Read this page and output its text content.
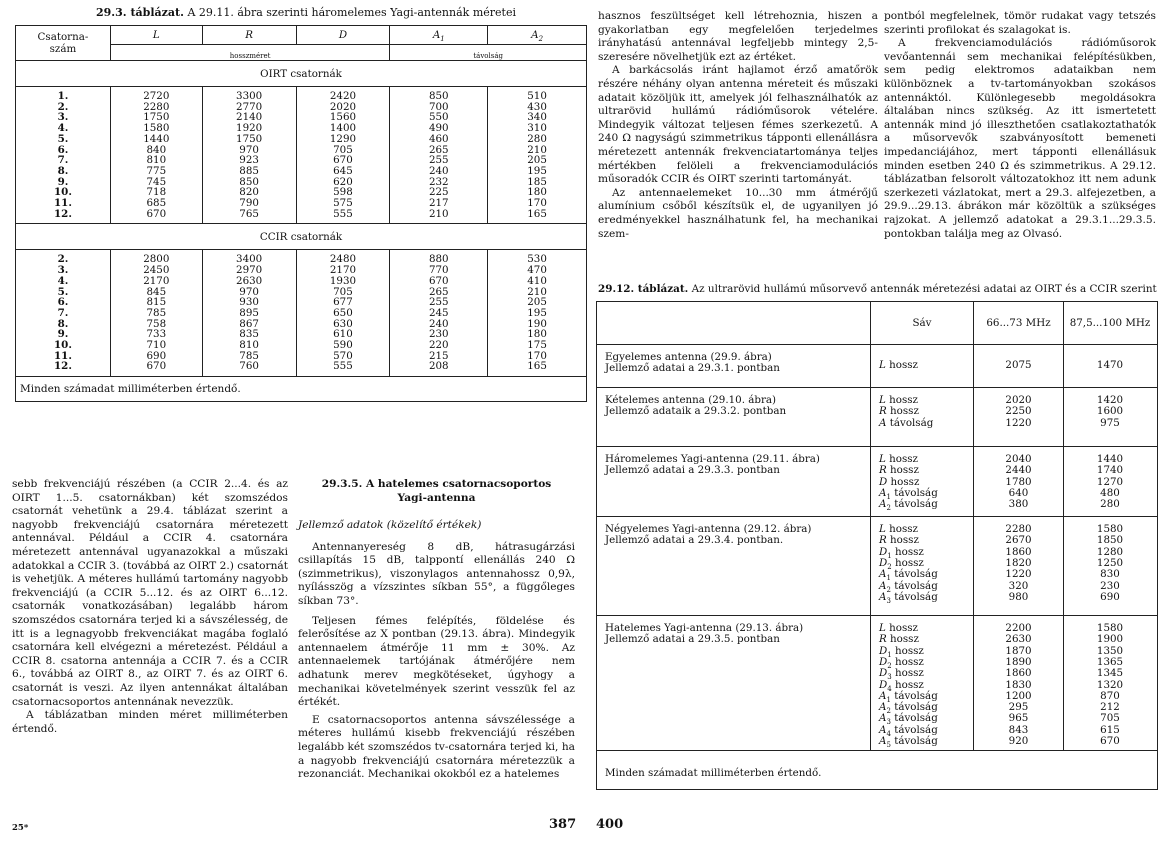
29.3. táblázat. A 29.11. ábra szerinti háromelemes Yagi-antennák méretei
Csatorna-
szám	L	R	D	$A_1$	$A_2$
	hosszméret			távolság	
OIRT csatornák					

1.	2720	3300	2420	850	510
2.	2280	2770	2020	700	430
3.	1750	2140	1560	550	340
4.	1580	1920	1400	490	310
5.	1440	1750	1290	460	280
6.	840	970	705	265	210
7.	810	923	670	255	205
8.	775	885	645	240	195
9.	745	850	620	232	185
10.	718	820	598	225	180
11.	685	790	575	217	170
12.	670	765	555	210	165

CCIR csatornák					

2.	2800	3400	2480	880	530
3.	2450	2970	2170	770	470
4.	2170	2630	1930	670	410
5.	845	970	705	265	210
6.	815	930	677	255	205
7.	785	895	650	245	195
8.	758	867	630	240	190
9.	733	835	610	230	180
10.	710	810	590	220	175
11.	690	785	570	215	170
12.	670	760	555	208	165

Minden számadat milliméterben értendő.					

sebb frekvenciájú részében (a CCIR 2...4. és az OIRT 1...5. csatornákban) két szomszédos csatornát vehetünk a 29.4. táblázat szerint a nagyobb frekvenciájú csatornára méretezett antennával. Például a CCIR 4. csatornára méretezett antennával ugyanazokkal a műszaki adatokkal a CCIR 3. (továbbá az OIRT 2.) csatornát is vehetjük. A méteres hullámú tartomány nagyobb frekvenciájú (a CCIR 5...12. és az OIRT 6...12. csatornák vonatkozásában) legalább három szomszédos csatornára terjed ki a sávszélesség, de itt is a legnagyobb frekvenciákat magába foglaló csatornára kell elvégezni a méretezést. Például a CCIR 8. csatorna antennája a CCIR 7. és a CCIR 6., továbbá az OIRT 8., az OIRT 7. és az OIRT 6. csatornát is veszi. Az ilyen antennákat általában csatornacsoportos antennának nevezzük.

A táblázatban minden méret milliméterben értendő.

29.3.5. A hatelemes csatornacsoportos
Yagi-antenna
Jellemző adatok (közelítő értékek)

Antennanyereség 8 dB, hátrasugárzási csillapítás 15 dB, talppontí ellenállás 240 Ω (szimmetrikus), viszonylagos antennahossz 0,9λ, nyílásszög a vízszintes síkban 55°, a függőleges síkban 73°.

Teljesen fémes felépítés, földelése és felerősítése az X pontban (29.13. ábra). Mindegyik antennaelem átmérője 11 mm ± 30%. Az antennaelemek tartójának átmérőjére nem adhatunk merev megkötéseket, úgyhogy a mechanikai követelmények szerint vesszük fel az értékét.

E csatornacsoportos antenna sávszélessége a méteres hullámú kisebb frekvenciájú részében legalább két szomszédos tv-csatornára terjed ki, ha a nagyobb frekvenciájú csatornára méretezzük a rezonanciát. Mechanikai okokból ez a hatelemes

hasznos feszültséget kell létrehoznia, hiszen a gyakorlatban egy megfelelően terjedelmes irányhatású antennával legfeljebb mintegy 2,5-szeresére növelhetjük ezt az értéket.

A barkácsolás iránt hajlamot érző amatőrök részére néhány olyan antenna méreteit és műszaki adatait közöljük itt, amelyek jól felhasználhatók az ultrarövid hullámú rádióműsorok vételére. Mindegyik változat teljesen fémes szerkezetű. A 240 Ω nagyságú szimmetrikus tápponti ellenállásra méretezett antennák frekvenciatartománya teljes mértékben felöleli a frekvenciamodulációs műsoradók CCIR és OIRT szerinti tartományát.

Az antennaelemeket 10...30 mm átmérőjű alumínium csőből készítsük el, de ugyanilyen jó eredményekkel használhatunk fel, ha mechanikai szem-

pontból megfelelnek, tömör rudakat vagy tetszés szerinti profilokat és szalagokat is.

A frekvenciamodulációs rádióműsorok vevőantennái sem mechanikai felépítésükben, sem pedig elektromos adataikban nem különböznek a tv-tartományokban szokásos antennáktól. Különlegesebb megoldásokra általában nincs szükség. Az itt ismertetett antennák mind jó illeszthetően csatlakoztathatók a műsorvevők szabványosított bemeneti impedanciájához, mert tápponti ellenállásuk minden esetben 240 Ω és szimmetrikus. A 29.12. táblázatban felsorolt változatokhoz itt nem adunk szerkezeti vázlatokat, mert a 29.3. alfejezetben, a 29.9...29.13. ábrákon már közöltük a szükséges rajzokat. A jellemző adatokat a 29.3.1...29.3.5. pontokban találja meg az Olvasó.

29.12. táblázat. Az ultrarövid hullámú műsorvevő antennák méretezési adatai az OIRT és a CCIR szerint
Sáv	66...73 MHz	87,5...100 MHz
Egyelemes antenna (29.9. ábra)
Jellemző adatai a 29.3.1. pontban	L hossz	2075	1470
Kételemes antenna (29.10. ábra)
Jellemző adataik a 29.3.2. pontban
L hossz	2020	1420
R hossz	2250	1600
A távolság	1220	975
Háromelemes Yagi-antenna (29.11. ábra)
Jellemző adatai a 29.3.3. pontban
L hossz	2040	1440
R hossz	2440	1740
D hossz	1780	1270
$A_1$ távolság	640	480
$A_2$ távolság	380	280
Négyelemes Yagi-antenna (29.12. ábra)
Jellemző adatai a 29.3.4. pontban.
L hossz	2280	1580
R hossz	2670	1850
$D_1$ hossz	1860	1280
$D_2$ hossz	1820	1250
$A_1$ távolság	1220	830
$A_2$ távolság	320	230
$A_3$ távolság	980	690
Hatelemes Yagi-antenna (29.13. ábra)
Jellemző adatai a 29.3.5. pontban
L hossz	2200	1580
R hossz	2630	1900
$D_1$ hossz	1870	1350
$D_2$ hossz	1890	1365
$D_3$ hossz	1860	1345
$D_4$ hossz	1830	1320
$A_1$ távolság	1200	870
$A_2$ távolság	295	212
$A_3$ távolság	965	705
$A_4$ távolság	843	615
$A_5$ távolság	920	670
Minden számadat milliméterben értendő.
25*	387 400
